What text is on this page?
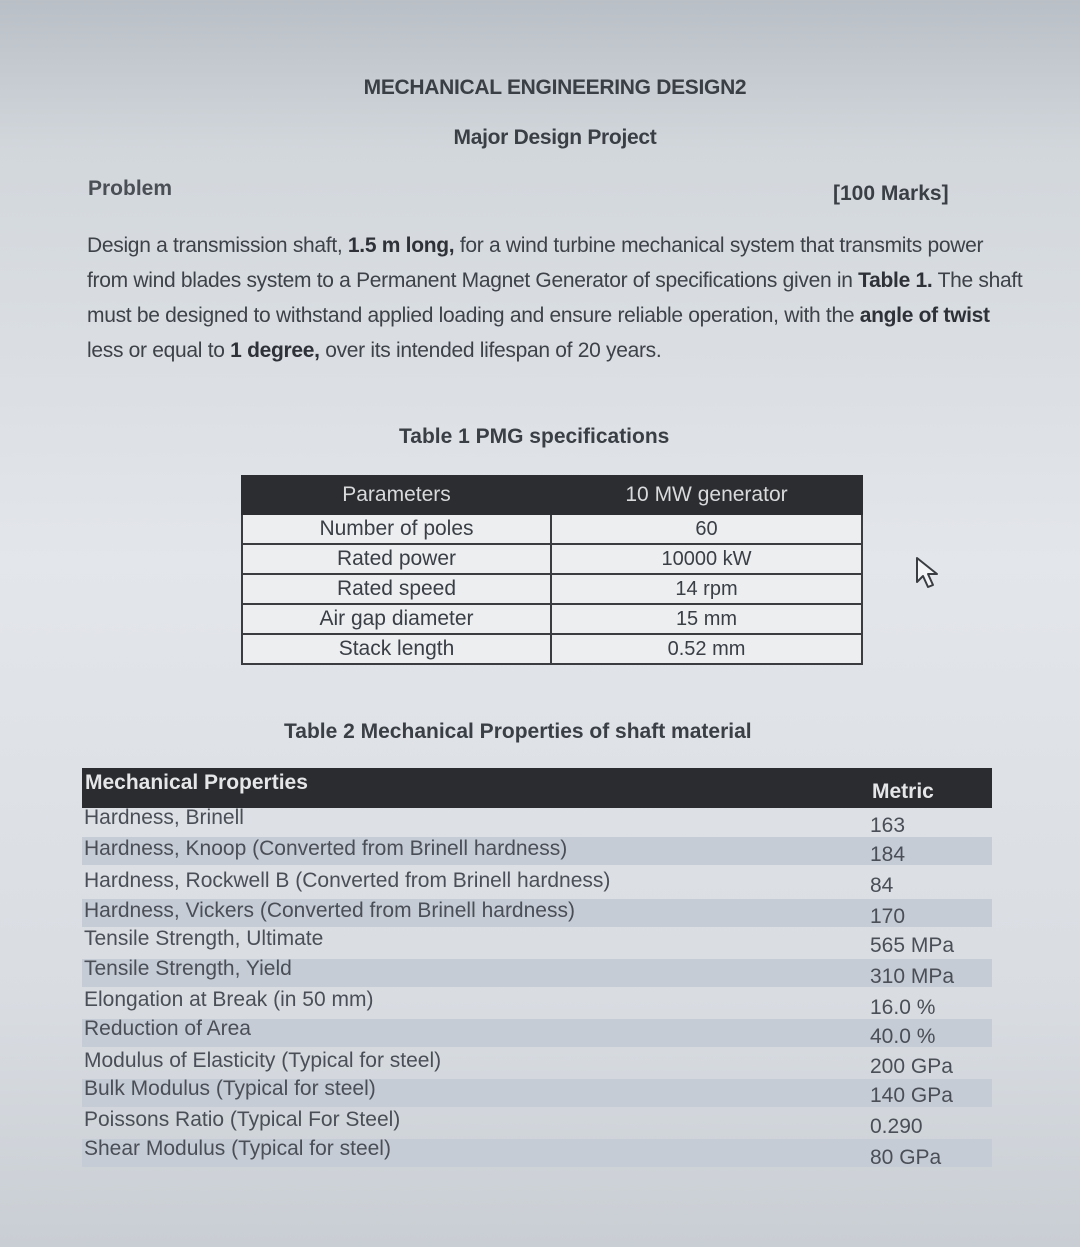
MECHANICAL ENGINEERING DESIGN2
Major Design Project
Problem	[100 Marks]
Design a transmission shaft, 1.5 m long, for a wind turbine mechanical system that transmits power from wind blades system to a Permanent Magnet Generator of specifications given in Table 1. The shaft must be designed to withstand applied loading and ensure reliable operation, with the angle of twist less or equal to 1 degree, over its intended lifespan of 20 years.
Table 1 PMG specifications
Parameters	10 MW generator
Number of poles	60
Rated power	10000 kW
Rated speed	14 rpm
Air gap diameter	15 mm
Stack length	0.52 mm
Table 2 Mechanical Properties of shaft material
Mechanical Properties	Metric
Hardness, Brinell	163
Hardness, Knoop (Converted from Brinell hardness)	184
Hardness, Rockwell B (Converted from Brinell hardness)	84
Hardness, Vickers (Converted from Brinell hardness)	170
Tensile Strength, Ultimate	565 MPa
Tensile Strength, Yield	310 MPa
Elongation at Break (in 50 mm)	16.0 %
Reduction of Area	40.0 %
Modulus of Elasticity (Typical for steel)	200 GPa
Bulk Modulus (Typical for steel)	140 GPa
Poissons Ratio (Typical For Steel)	0.290
Shear Modulus (Typical for steel)	80 GPa
